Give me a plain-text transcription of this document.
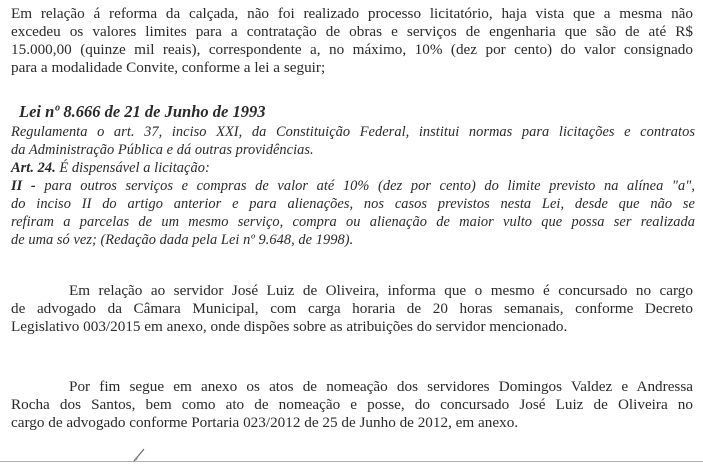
Em relação á reforma da calçada, não foi realizado processo licitatório, haja vista que a mesma não
excedeu os valores limites para a contratação de obras e serviços de engenharia que são de até R$
15.000,00 (quinze mil reais), correspondente a, no máximo, 10% (dez por cento) do valor consignado
para a modalidade Convite, conforme a lei a seguir;
Lei nº 8.666 de 21 de Junho de 1993
Regulamenta o art. 37, inciso XXI, da Constituição Federal, institui normas para licitações e contratos
da Administração Pública e dá outras providências.
Art. 24. É dispensável a licitação:
II - para outros serviços e compras de valor até 10% (dez por cento) do limite previsto na alínea "a",
do inciso II do artigo anterior e para alienações, nos casos previstos nesta Lei, desde que não se
refiram a parcelas de um mesmo serviço, compra ou alienação de maior vulto que possa ser realizada
de uma só vez; (Redação dada pela Lei nº 9.648, de 1998).
Em relação ao servidor José Luiz de Oliveira, informa que o mesmo é concursado no cargo
de advogado da Câmara Municipal, com carga horaria de 20 horas semanais, conforme Decreto
Legislativo 003/2015 em anexo, onde dispões sobre as atribuições do servidor mencionado.
Por fim segue em anexo os atos de nomeação dos servidores Domingos Valdez e Andressa
Rocha dos Santos, bem como ato de nomeação e posse, do concursado José Luiz de Oliveira no
cargo de advogado conforme Portaria 023/2012 de 25 de Junho de 2012, em anexo.
